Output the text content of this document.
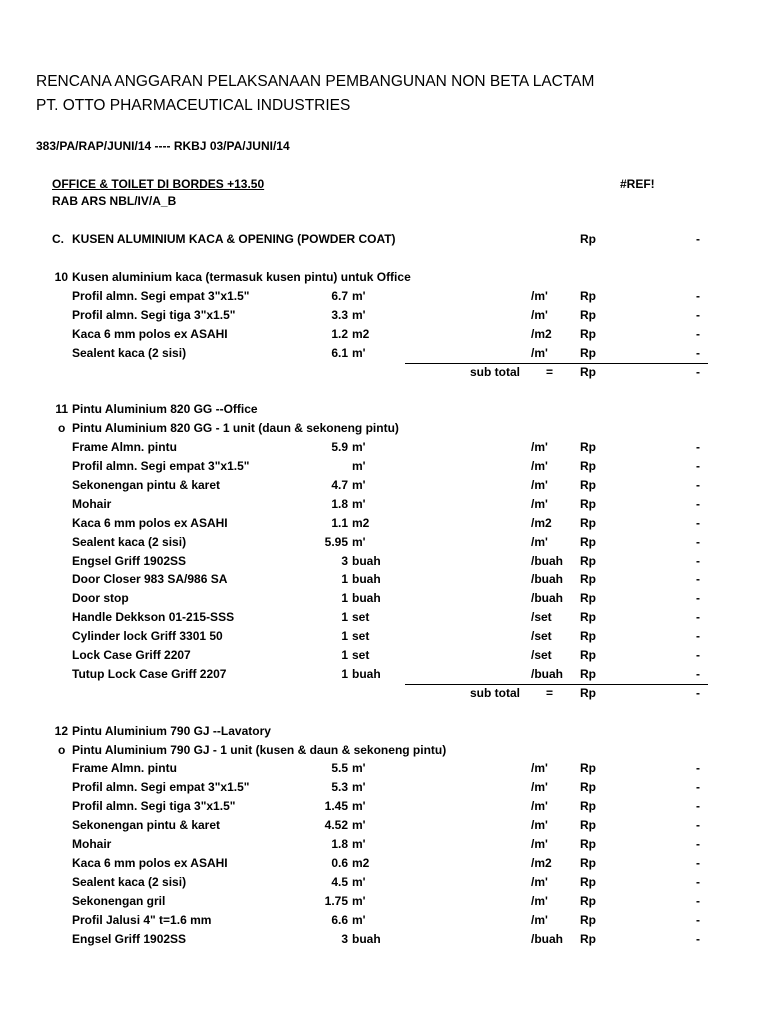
RENCANA ANGGARAN PELAKSANAAN PEMBANGUNAN NON BETA LACTAM
PT. OTTO PHARMACEUTICAL INDUSTRIES
383/PA/RAP/JUNI/14 ---- RKBJ 03/PA/JUNI/14
OFFICE & TOILET DI BORDES +13.50	#REF!
RAB ARS NBL/IV/A_B
C. KUSEN ALUMINIUM KACA & OPENING (POWDER COAT)	Rp	-
10 Kusen aluminium kaca (termasuk kusen pintu) untuk Office
Profil almn. Segi empat 3"x1.5"	6.7 m'	/m'	Rp	-
Profil almn. Segi tiga 3"x1.5"	3.3 m'	/m'	Rp	-
Kaca 6 mm polos ex ASAHI	1.2 m2	/m2 Rp	-
Sealent kaca (2 sisi)	6.1 m'	/m'	Rp	-
sub total = Rp	-
11 Pintu Aluminium 820 GG --Office
o Pintu Aluminium 820 GG - 1 unit (daun & sekoneng pintu)
Frame Almn. pintu	5.9 m'	/m'	Rp	-
Profil almn. Segi empat 3"x1.5"	m'	/m'	Rp	-
Sekonengan pintu & karet	4.7 m'	/m'	Rp	-
Mohair	1.8 m'	/m'	Rp	-
Kaca 6 mm polos ex ASAHI	1.1 m2	/m2 Rp	-
Sealent kaca (2 sisi)	5.95 m'	/m'	Rp	-
Engsel Griff 1902SS	3 buah	/buah Rp	-
Door Closer 983 SA/986 SA	1 buah	/buah Rp	-
Door stop	1 buah	/buah Rp	-
Handle Dekkson 01-215-SSS	1 set	/set Rp	-
Cylinder lock Griff 3301 50	1 set	/set Rp	-
Lock Case Griff 2207	1 set	/set Rp	-
Tutup Lock Case Griff 2207	1 buah	/buah Rp	-
sub total = Rp	-
12 Pintu Aluminium 790 GJ --Lavatory
o Pintu Aluminium 790 GJ - 1 unit (kusen & daun & sekoneng pintu)
Frame Almn. pintu	5.5 m'	/m'	Rp	-
Profil almn. Segi empat 3"x1.5"	5.3 m'	/m'	Rp	-
Profil almn. Segi tiga 3"x1.5"	1.45 m'	/m'	Rp	-
Sekonengan pintu & karet	4.52 m'	/m'	Rp	-
Mohair	1.8 m'	/m'	Rp	-
Kaca 6 mm polos ex ASAHI	0.6 m2	/m2 Rp	-
Sealent kaca (2 sisi)	4.5 m'	/m'	Rp	-
Sekonengan gril	1.75 m'	/m'	Rp	-
Profil Jalusi 4" t=1.6 mm	6.6 m'	/m'	Rp	-
Engsel Griff 1902SS	3 buah	/buah Rp	-
